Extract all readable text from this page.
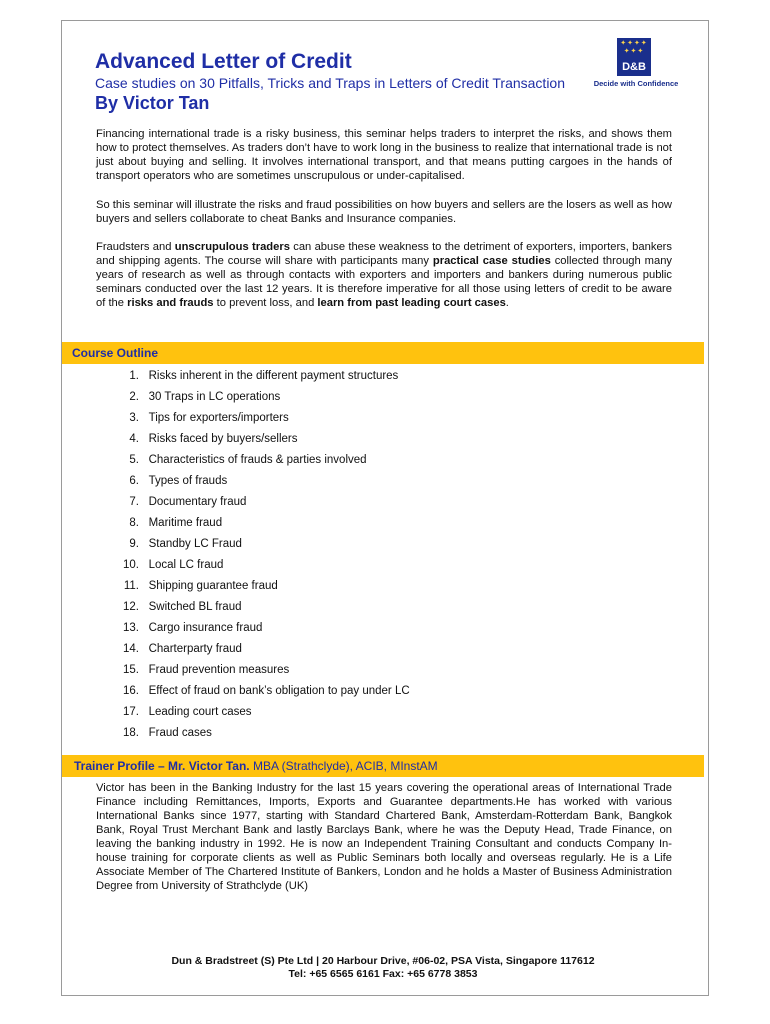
Advanced Letter of Credit
Case studies on 30 Pitfalls, Tricks and Traps in Letters of Credit Transaction
By Victor Tan
✦✦✦✦
✦✦✦
D&B
Decide with Confidence

Financing international trade is a risky business, this seminar helps traders to interpret the risks, and shows them how to protect themselves. As traders don’t have to work long in the business to realize that international trade is not just about buying and selling. It involves international transport, and that means putting cargoes in the hands of transport operators who are sometimes unscrupulous or under-capitalised.

So this seminar will illustrate the risks and fraud possibilities on how buyers and sellers are the losers as well as how buyers and sellers collaborate to cheat Banks and Insurance companies.

Fraudsters and unscrupulous traders can abuse these weakness to the detriment of exporters, importers, bankers and shipping agents. The course will share with participants many practical case studies collected through many years of research as well as through contacts with exporters and importers and bankers during numerous public seminars conducted over the last 12 years. It is therefore imperative for all those using letters of credit to be aware of the risks and frauds to prevent loss, and learn from past leading court cases.

Course Outline
1. Risks inherent in the different payment structures
2. 30 Traps in LC operations
3. Tips for exporters/importers
4. Risks faced by buyers/sellers
5. Characteristics of frauds & parties involved
6. Types of frauds
7. Documentary fraud
8. Maritime fraud
9. Standby LC Fraud
10. Local LC fraud
11. Shipping guarantee fraud
12. Switched BL fraud
13. Cargo insurance fraud
14. Charterparty fraud
15. Fraud prevention measures
16. Effect of fraud on bank’s obligation to pay under LC
17. Leading court cases
18. Fraud cases
Trainer Profile – Mr. Victor Tan. MBA (Strathclyde), ACIB, MInstAM

Victor has been in the Banking Industry for the last 15 years covering the operational areas of International Trade Finance including Remittances, Imports, Exports and Guarantee departments.He has worked with various International Banks since 1977, starting with Standard Chartered Bank, Amsterdam-Rotterdam Bank, Bangkok Bank, Royal Trust Merchant Bank and lastly Barclays Bank, where he was the Deputy Head, Trade Finance, on leaving the banking industry in 1992. He is now an Independent Training Consultant and conducts Company In-house training for corporate clients as well as Public Seminars both locally and overseas regularly. He is a Life Associate Member of The Chartered Institute of Bankers, London and he holds a Master of Business Administration Degree from University of Strathclyde (UK)

Dun & Bradstreet (S) Pte Ltd | 20 Harbour Drive, #06-02, PSA Vista, Singapore 117612
Tel: +65 6565 6161 Fax: +65 6778 3853
